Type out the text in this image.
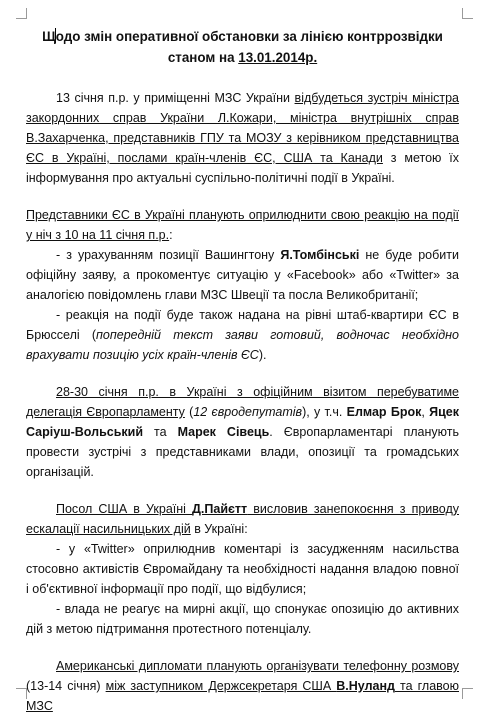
Щодо змін оперативної обстановки за лінією контррозвідки

станом на 13.01.2014р.

13 січня п.р. у приміщенні МЗС України відбудеться зустріч міністра закордонних справ України Л.Кожари, міністра внутрішніх справ В.Захарченка, представників ГПУ та МОЗУ з керівником представництва ЄС в Україні, послами країн-членів ЄС, США та Канади з метою їх інформування про актуальні суспільно-політичні події в Україні.

Представники ЄС в Україні планують оприлюднити свою реакцію на події у ніч з 10 на 11 січня п.р.:

- з урахуванням позиції Вашингтону Я.Томбінські не буде робити офіційну заяву, а прокоментує ситуацію у «Facebook» або «Twitter» за аналогією повідомлень глави МЗС Швеції та посла Великобританії;

- реакція на події буде також надана на рівні штаб-квартири ЄС в Брюсселі (попередній текст заяви готовий, водночас необхідно врахувати позицію усіх країн-членів ЄС).

28-30 січня п.р. в Україні з офіційним візитом перебуватиме делегація Європарламенту (12 євродепутатів), у т.ч. Елмар Брок, Яцек Саріуш-Вольський та Марек Сівець. Європарламентарі планують провести зустрічі з представниками влади, опозиції та громадських організацій.

Посол США в Україні Д.Пайєтт висловив занепокоєння з приводу ескалації насильницьких дій в Україні:

- у «Twitter» оприлюднив коментарі із засудженням насильства стосовно активістів Євромайдану та необхідності надання владою повної і об'єктивної інформації про події, що відбулися;

- влада не реагує на мирні акції, що спонукає опозицію до активних дій з метою підтримання протестного потенціалу.

Американські дипломати планують організувати телефонну розмову (13-14 січня) між заступником Держсекретаря США В.Нуланд та главою МЗС
